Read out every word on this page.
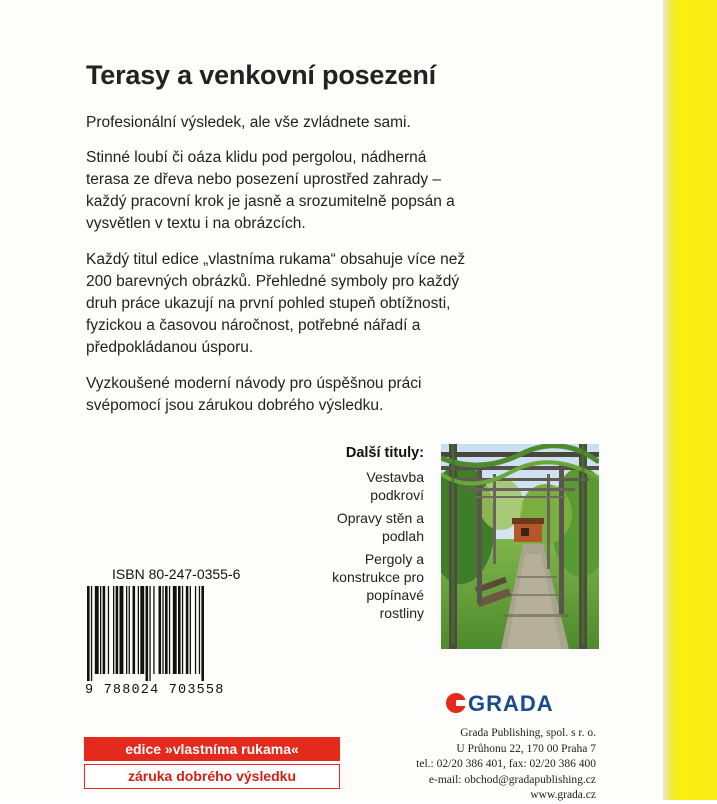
Terasy a venkovní posezení

Profesionální výsledek, ale vše zvládnete sami.

Stinné loubí či oáza klidu pod pergolou, nádherná terasa ze dřeva nebo posezení uprostřed zahrady – každý pracovní krok je jasně a srozumitelně popsán a vysvětlen v textu i na obrázcích.

Každý titul edice „vlastníma rukama“ obsahuje více než 200 barevných obrázků. Přehledné symboly pro každý druh práce ukazují na první pohled stupeň obtížnosti, fyzickou a časovou náročnost, potřebné nářadí a předpokládanou úsporu.

Vyzkoušené moderní návody pro úspěšnou práci svépomocí jsou zárukou dobrého výsledku.

Další tituly:
Vestavba podkroví
Opravy stěn a podlah
Pergoly a konstrukce pro popínavé rostliny
ISBN 80-247-0355-6
9 788024 703558
GRADA
Grada Publishing, spol. s r. o.
U Průhonu 22, 170 00 Praha 7
tel.: 02/20 386 401, fax: 02/20 386 400
e-mail: obchod@gradapublishing.cz
www.grada.cz
edice »vlastníma rukama«
záruka dobrého výsledku
